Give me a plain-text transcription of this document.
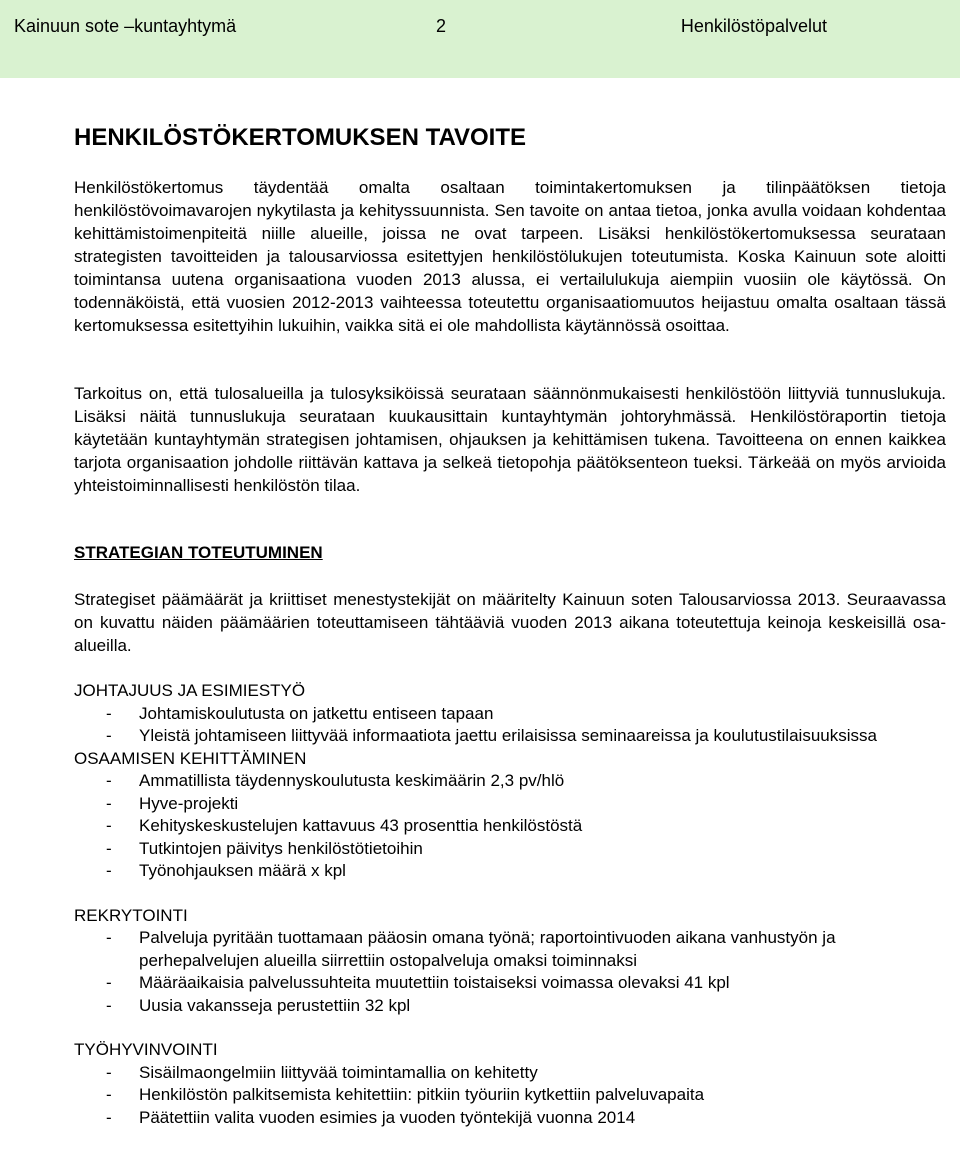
Kainuun sote –kuntayhtymä	2	Henkilöstöpalvelut
HENKILÖSTÖKERTOMUKSEN TAVOITE
Henkilöstökertomus täydentää omalta osaltaan toimintakertomuksen ja tilinpäätöksen tietoja henkilöstövoimavarojen nykytilasta ja kehityssuunnista. Sen tavoite on antaa tietoa, jonka avulla voidaan kohdentaa kehittämistoimenpiteitä niille alueille, joissa ne ovat tarpeen. Lisäksi henkilöstökertomuksessa seurataan strategisten tavoitteiden ja talousarviossa esitettyjen henkilöstölukujen toteutumista. Koska Kainuun sote aloitti toimintansa uutena organisaationa vuoden 2013 alussa, ei vertailulukuja aiempiin vuosiin ole käytössä. On todennäköistä, että vuosien 2012-2013 vaihteessa toteutettu organisaatiomuutos heijastuu omalta osaltaan tässä kertomuksessa esitettyihin lukuihin, vaikka sitä ei ole mahdollista käytännössä osoittaa.
Tarkoitus on, että tulosalueilla ja tulosyksiköissä seurataan säännönmukaisesti henkilöstöön liittyviä tunnuslukuja. Lisäksi näitä tunnuslukuja seurataan kuukausittain kuntayhtymän johtoryhmässä. Henkilöstöraportin tietoja käytetään kuntayhtymän strategisen johtamisen, ohjauksen ja kehittämisen tukena. Tavoitteena on ennen kaikkea tarjota organisaation johdolle riittävän kattava ja selkeä tietopohja päätöksenteon tueksi. Tärkeää on myös arvioida yhteistoiminnallisesti henkilöstön tilaa.
STRATEGIAN TOTEUTUMINEN
Strategiset päämäärät ja kriittiset menestystekijät on määritelty Kainuun soten Talousarviossa 2013. Seuraavassa on kuvattu näiden päämäärien toteuttamiseen tähtääviä vuoden 2013 aikana toteutettuja keinoja keskeisillä osa-alueilla.
JOHTAJUUS JA ESIMIESTYÖ
- Johtamiskoulutusta on jatkettu entiseen tapaan
- Yleistä johtamiseen liittyvää informaatiota jaettu erilaisissa seminaareissa ja koulutustilaisuuksissa
OSAAMISEN KEHITTÄMINEN
- Ammatillista täydennyskoulutusta keskimäärin 2,3 pv/hlö
- Hyve-projekti
- Kehityskeskustelujen kattavuus 43 prosenttia henkilöstöstä
- Tutkintojen päivitys henkilöstötietoihin
- Työnohjauksen määrä x kpl
REKRYTOINTI
- Palveluja pyritään tuottamaan pääosin omana työnä; raportointivuoden aikana vanhustyön ja perhepalvelujen alueilla siirrettiin ostopalveluja omaksi toiminnaksi
- Määräaikaisia palvelussuhteita muutettiin toistaiseksi voimassa olevaksi 41 kpl
- Uusia vakansseja perustettiin 32 kpl
TYÖHYVINVOINTI
- Sisäilmaongelmiin liittyvää toimintamallia on kehitetty
- Henkilöstön palkitsemista kehitettiin: pitkiin työuriin kytkettiin palveluvapaita
- Päätettiin valita vuoden esimies ja vuoden työntekijä vuonna 2014
